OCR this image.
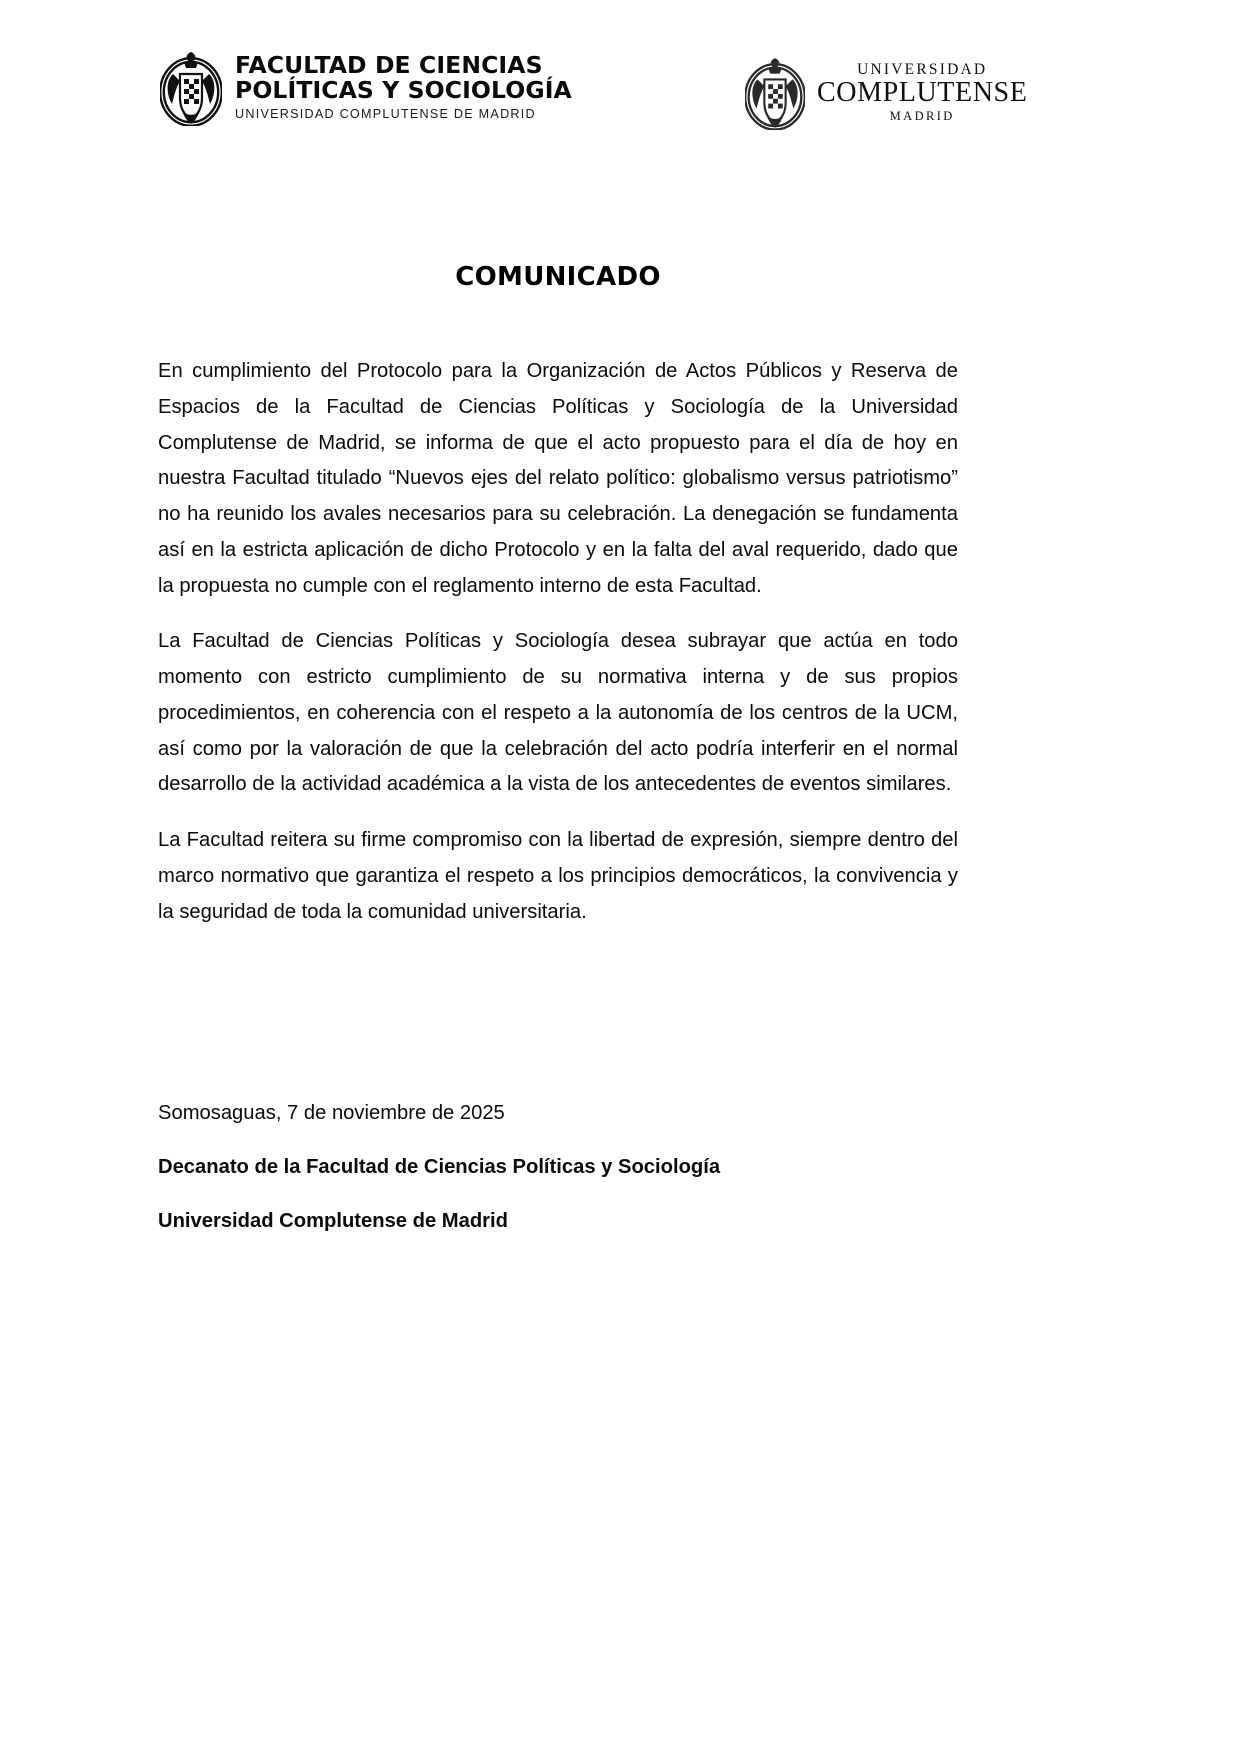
FACULTAD DE CIENCIAS
POLÍTICAS Y SOCIOLOGÍA
UNIVERSIDAD COMPLUTENSE DE MADRID
UNIVERSIDAD
COMPLUTENSE
MADRID
COMUNICADO

En cumplimiento del Protocolo para la Organización de Actos Públicos y Reserva de Espacios de la Facultad de Ciencias Políticas y Sociología de la Universidad Complutense de Madrid, se informa de que el acto propuesto para el día de hoy en nuestra Facultad titulado “Nuevos ejes del relato político: globalismo versus patriotismo” no ha reunido los avales necesarios para su celebración. La denegación se fundamenta así en la estricta aplicación de dicho Protocolo y en la falta del aval requerido, dado que la propuesta no cumple con el reglamento interno de esta Facultad.

La Facultad de Ciencias Políticas y Sociología desea subrayar que actúa en todo momento con estricto cumplimiento de su normativa interna y de sus propios procedimientos, en coherencia con el respeto a la autonomía de los centros de la UCM, así como por la valoración de que la celebración del acto podría interferir en el normal desarrollo de la actividad académica a la vista de los antecedentes de eventos similares.

La Facultad reitera su firme compromiso con la libertad de expresión, siempre dentro del marco normativo que garantiza el respeto a los principios democráticos, la convivencia y la seguridad de toda la comunidad universitaria.

Somosaguas, 7 de noviembre de 2025

Decanato de la Facultad de Ciencias Políticas y Sociología

Universidad Complutense de Madrid
